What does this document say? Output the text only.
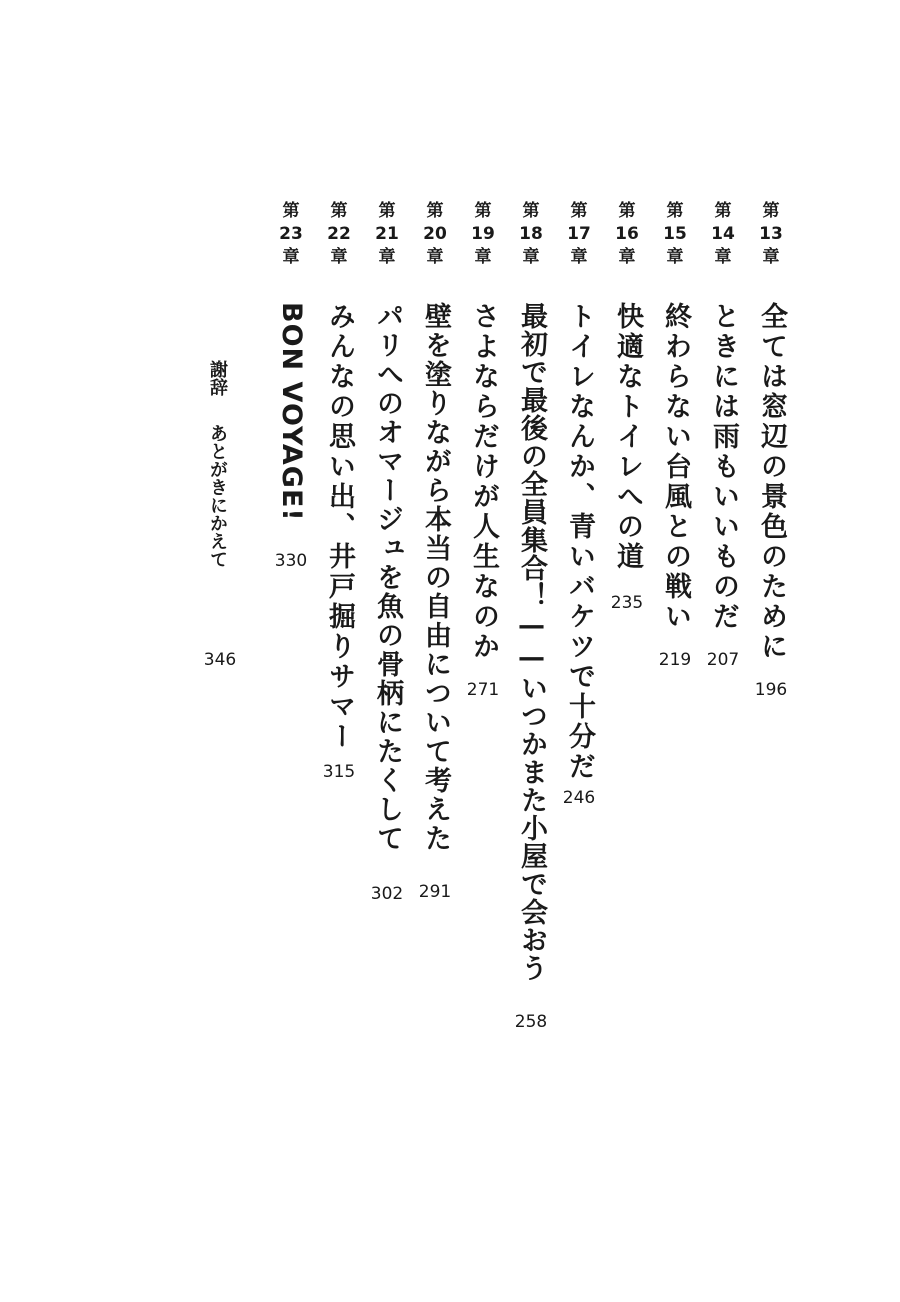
第
13
章
全ては窓辺の景色のために
196
第
14
章
ときには雨もいいものだ
207
第
15
章
終わらない台風との戦い
219
第
16
章
快適なトイレへの道
235
第
17
章
トイレなんか、青いバケツで十分だ
246
第
18
章
最初で最後の全員集合！——いつかまた小屋で会おう
258
第
19
章
さよならだけが人生なのか
271
第
20
章
壁を塗りながら本当の自由について考えた
291
第
21
章
パリへのオマージュを魚の骨柄にたくして
302
第
22
章
みんなの思い出、井戸掘りサマー
315
第
23
章
BON VOYAGE!
330
謝辞あとがきにかえて
346
